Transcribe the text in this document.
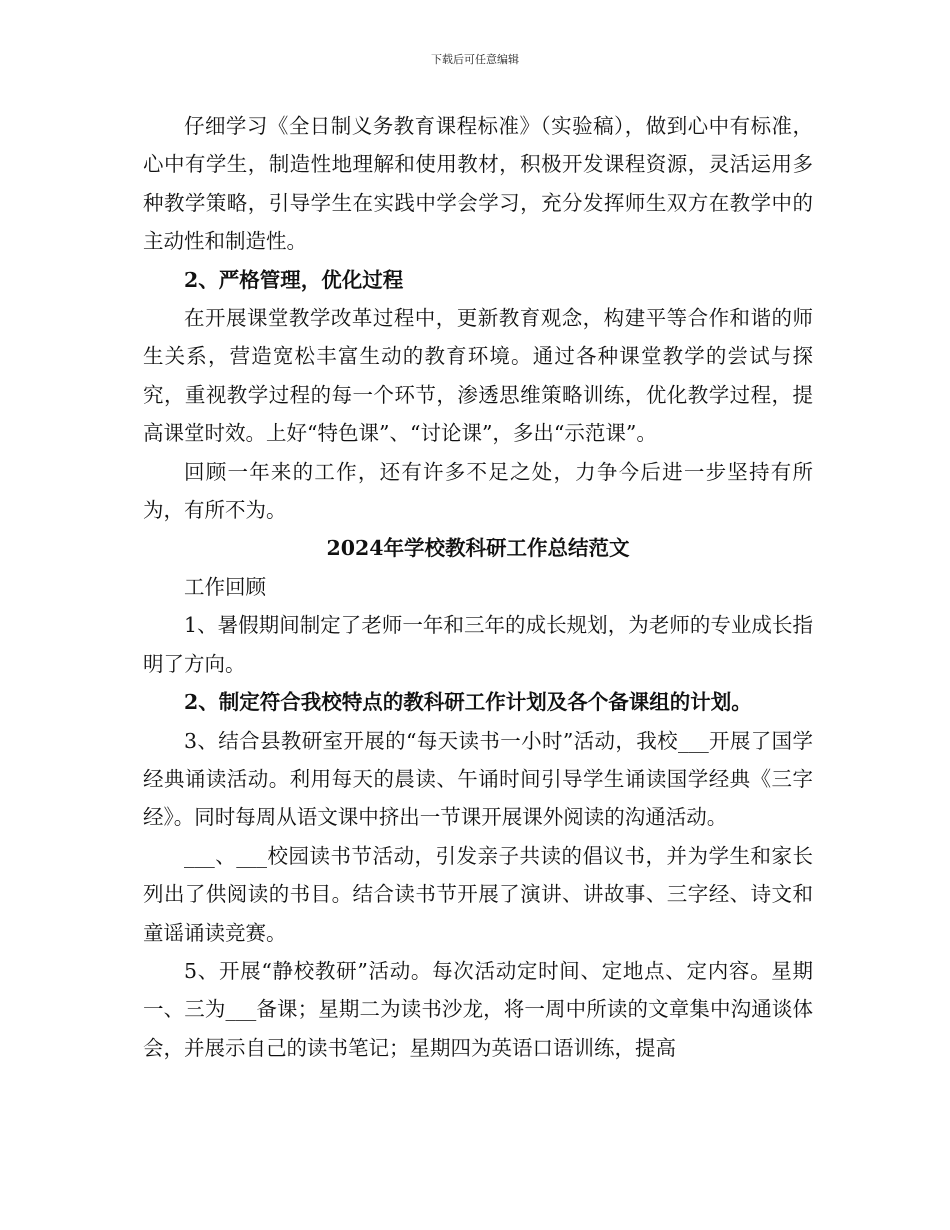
下载后可任意编辑

仔细学习《全日制义务教育课程标准》（实验稿），做到心中有标准，心中有学生，制造性地理解和使用教材，积极开发课程资源，灵活运用多种教学策略，引导学生在实践中学会学习，充分发挥师生双方在教学中的主动性和制造性。

2、严格管理，优化过程

在开展课堂教学改革过程中，更新教育观念，构建平等合作和谐的师生关系，营造宽松丰富生动的教育环境。通过各种课堂教学的尝试与探究，重视教学过程的每一个环节，渗透思维策略训练，优化教学过程，提高课堂时效。上好“特色课”、“讨论课”，多出“示范课”。

回顾一年来的工作，还有许多不足之处，力争今后进一步坚持有所为，有所不为。

2024年学校教科研工作总结范文

工作回顾

1、暑假期间制定了老师一年和三年的成长规划，为老师的专业成长指明了方向。

2、制定符合我校特点的教科研工作计划及各个备课组的计划。

3、结合县教研室开展的“每天读书一小时”活动，我校___开展了国学经典诵读活动。利用每天的晨读、午诵时间引导学生诵读国学经典《三字经》。同时每周从语文课中挤出一节课开展课外阅读的沟通活动。

___、___校园读书节活动，引发亲子共读的倡议书，并为学生和家长列出了供阅读的书目。结合读书节开展了演讲、讲故事、三字经、诗文和童谣诵读竞赛。

5、开展“静校教研”活动。每次活动定时间、定地点、定内容。星期一、三为___备课；星期二为读书沙龙，将一周中所读的文章集中沟通谈体会，并展示自己的读书笔记；星期四为英语口语训练，提高
